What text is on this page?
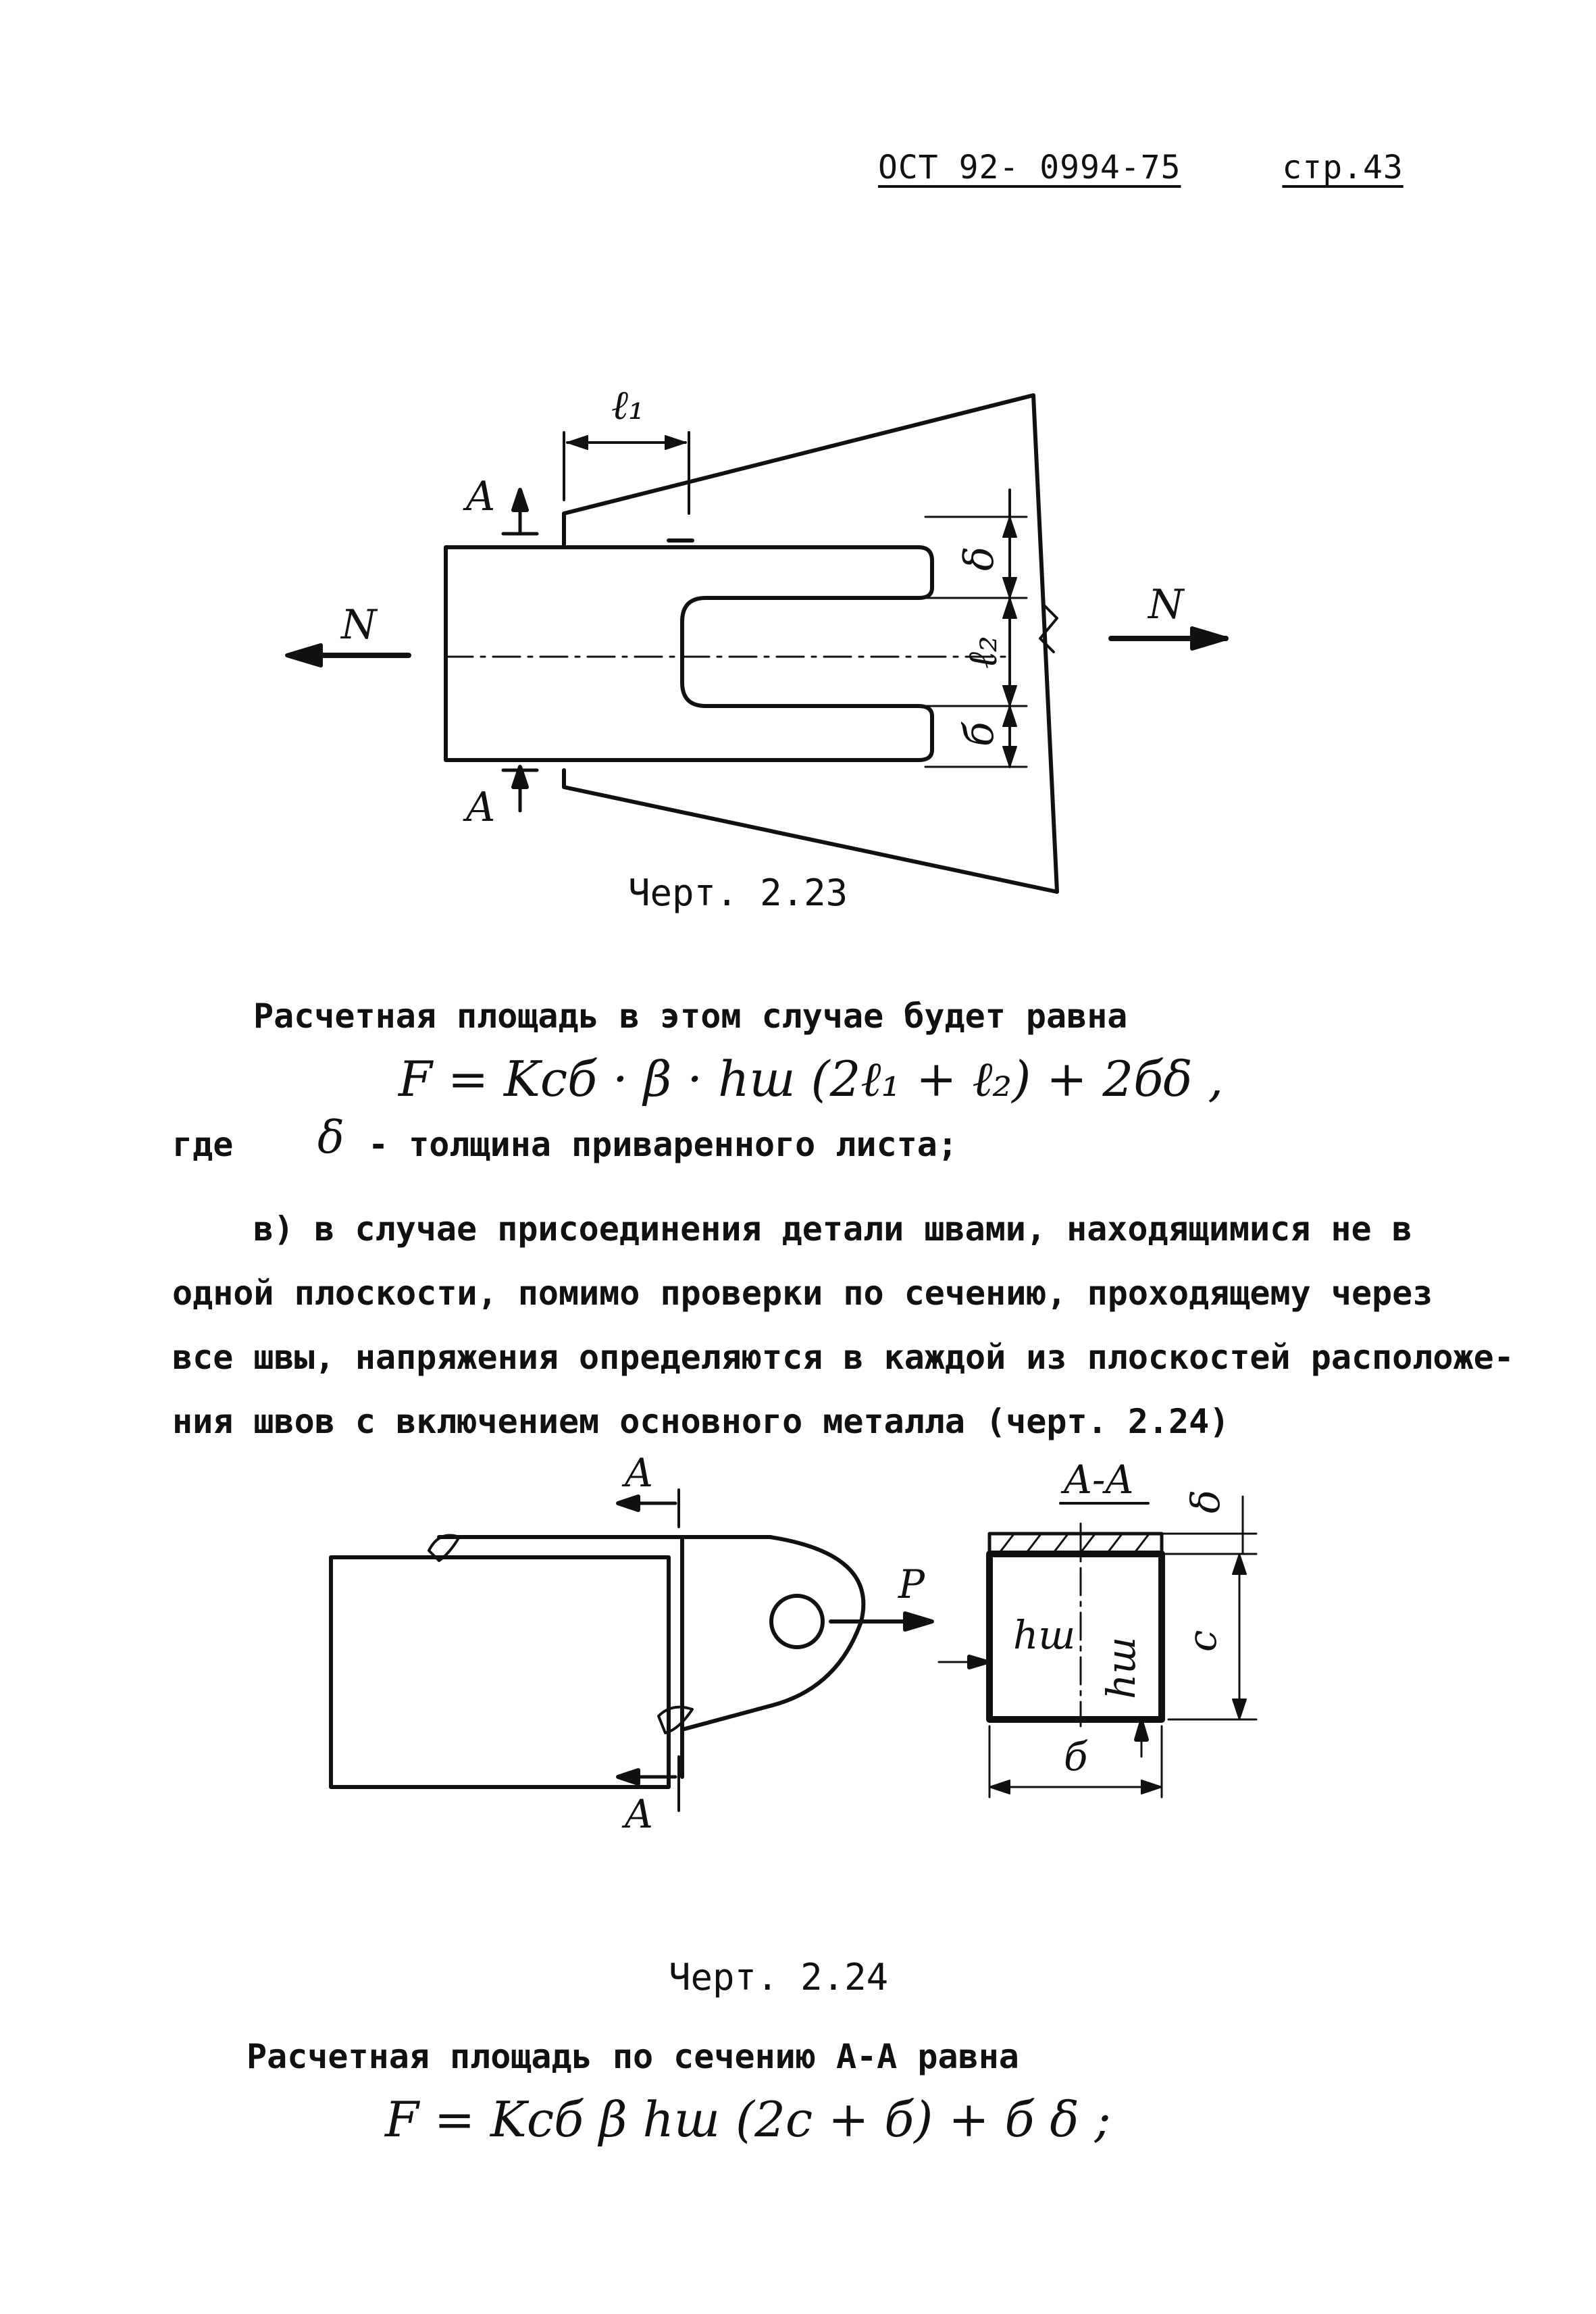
ОСТ 92- 0994-75	стр.43
ℓ₁
A
A
N	N
δ
ℓ₂
б
Черт. 2.23
Расчетная площадь в этом случае будет равна
F = Kсб · β · hш (2ℓ₁ + ℓ₂) + 2бδ ,
где δ - толщина приваренного листа;
в) в случае присоединения детали швами, находящимися не в
одной плоскости, помимо проверки по сечению, проходящему через
все швы, напряжения определяются в каждой из плоскостей расположе-
ния швов с включением основного металла (черт. 2.24)
A
A
P
A-A δ
hш
hш c
б
Черт. 2.24
Расчетная площадь по сечению А-А равна
F = Kсб β hш (2c + б) + б δ ;
